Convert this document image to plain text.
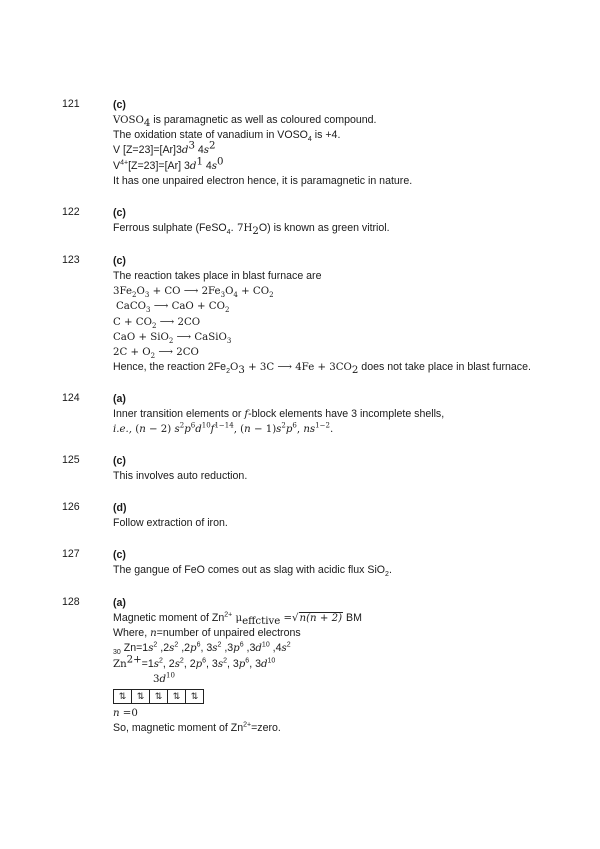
121	(c)
$VOSO_4$ is paramagnetic as well as coloured compound.
The oxidation state of vanadium in $VOSO_4$ is +4.
V $[Z=23]=[Ar]3d^3$ $4s^2$
$V^{4+}[Z=23]=[Ar]$ $3d^1$ $4s^0$
It has one unpaired electron hence, it is paramagnetic in nature.
122	(c)
Ferrous sulphate (FeSO$_4$. $7H_2O$) is known as green vitriol.
123	(c)
The reaction takes place in blast furnace are
$3Fe_2O_3$ + CO ⟶ $2Fe_3O_4 + CO_2$
CaCO$_3$ ⟶ CaO + $CO_2$
$C + CO_2$ ⟶ 2CO
CaO + SiO$_2$ ⟶ CaSiO$_3$
$2C + O_2$ ⟶ 2CO
Hence, the reaction $2Fe_2O_3 + 3C$ ⟶ $4Fe + 3CO_2$ does not take place in blast furnace.
124	(a)
Inner transition elements or f-block elements have 3 incomplete shells,
i.e., (n − 2) $s^2p^6d^{10}f^{1-14}$, $(n - 1)s^2p^6$, $ns^{1-2}$.
125	(c)
This involves auto reduction.
126	(d)
Follow extraction of iron.
127	(c)
The gangue of FeO comes out as slag with acidic flux SiO$_2$.
128	(a)
Magnetic moment of $Zn^{2+}$ $\mu_{effctive} =√n(n + 2)$ BM
Where, n=number of unpaired electrons
$_{30}$ $Zn=1s^2$ $,2s^2$ $,2p^6$, $3s^2$ $,3p^6$ $,3d^{10}$ $,4s^2$
$Zn^{2+}=1s^2$, $2s^2$, $2p^6$, $3s^2$, $3p^6$, $3d^{10}$
$3d^{10}$
⇅	⇅	⇅	⇅	⇅
n =0
So, magnetic moment of $Zn^{2+}=zero$.
